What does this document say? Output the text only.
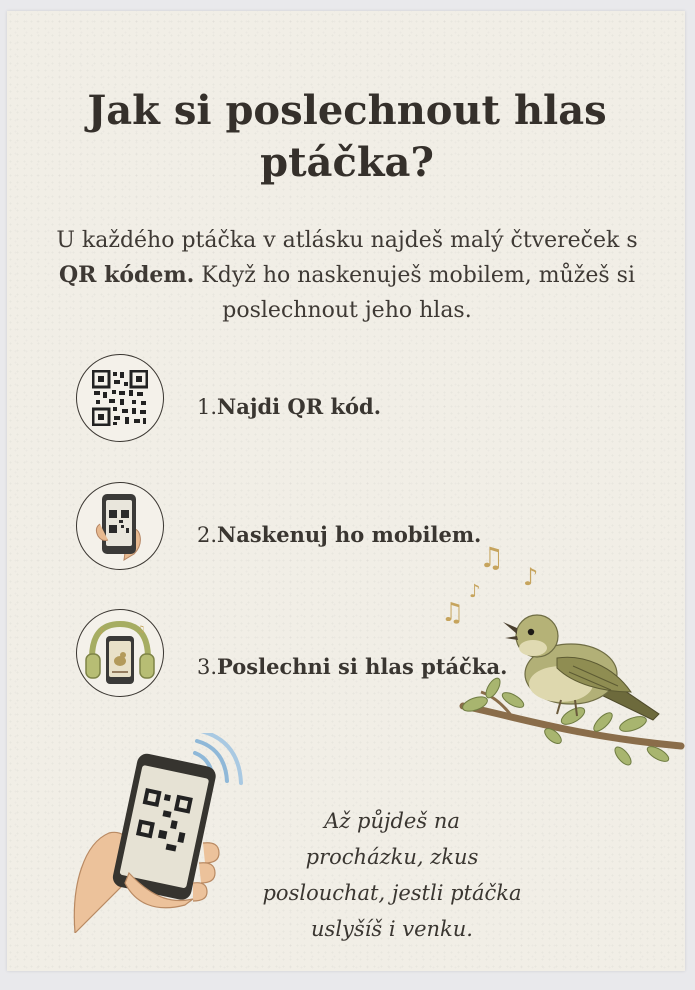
Jak si poslechnout hlas ptáčka?
U každého ptáčka v atlásku najdeš malý čtvereček s QR kódem. Když ho naskenuješ mobilem, můžeš si poslechnout jeho hlas.
1.Najdi QR kód.
2.Naskenuj ho mobilem.
♪	♫
3.Poslechni si hlas ptáčka.
♫
♪
♫
♪
Až půjdeš na procházku, zkus poslouchat, jestli ptáčka uslyšíš i venku.
